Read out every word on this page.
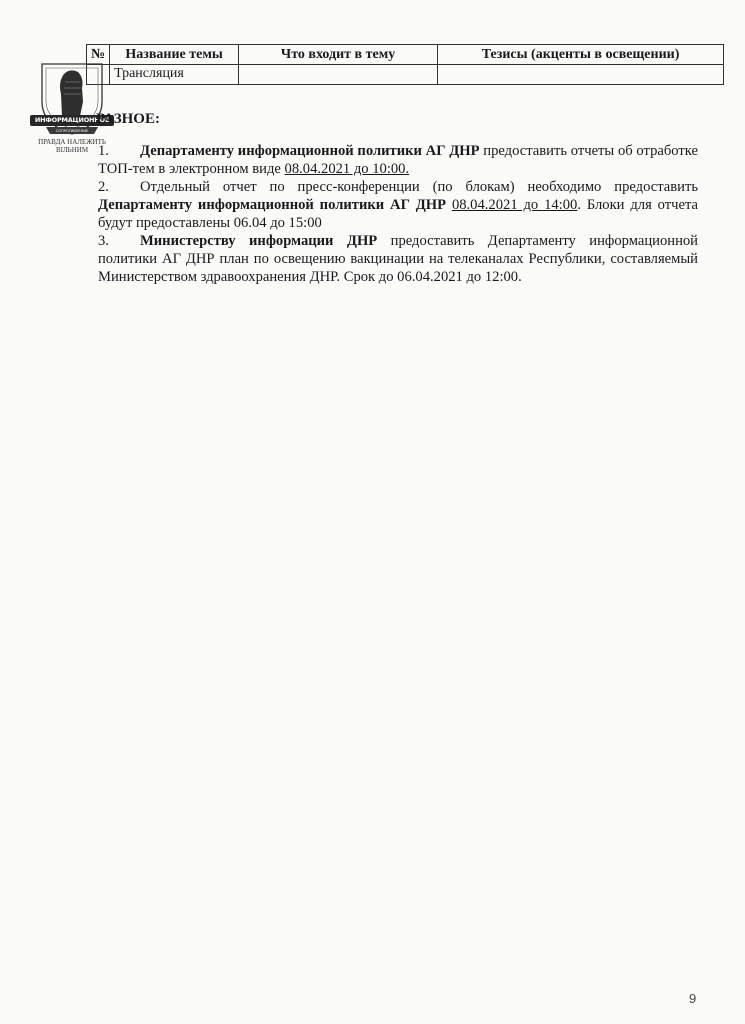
№	Название темы	Что входит в тему	Тезисы (акценты в освещении)
	Трансляция		
ИНФОРМАЦИОННОЕ
СОПРОТИВЛЕНИЕ
ПРАВДА НАЛЕЖИТЬ
ВІЛЬНИМ
РАЗНОЕ:

1. Департаменту информационной политики АГ ДНР предоставить отчеты об отработке ТОП-тем в электронном виде 08.04.2021 до 10:00.

2. Отдельный отчет по пресс-конференции (по блокам) необходимо предоставить Департаменту информационной политики АГ ДНР 08.04.2021 до 14:00. Блоки для отчета будут предоставлены 06.04 до 15:00

3. Министерству информации ДНР предоставить Департаменту информационной политики АГ ДНР план по освещению вакцинации на телеканалах Республики, составляемый Министерством здравоохранения ДНР. Срок до 06.04.2021 до 12:00.

9
